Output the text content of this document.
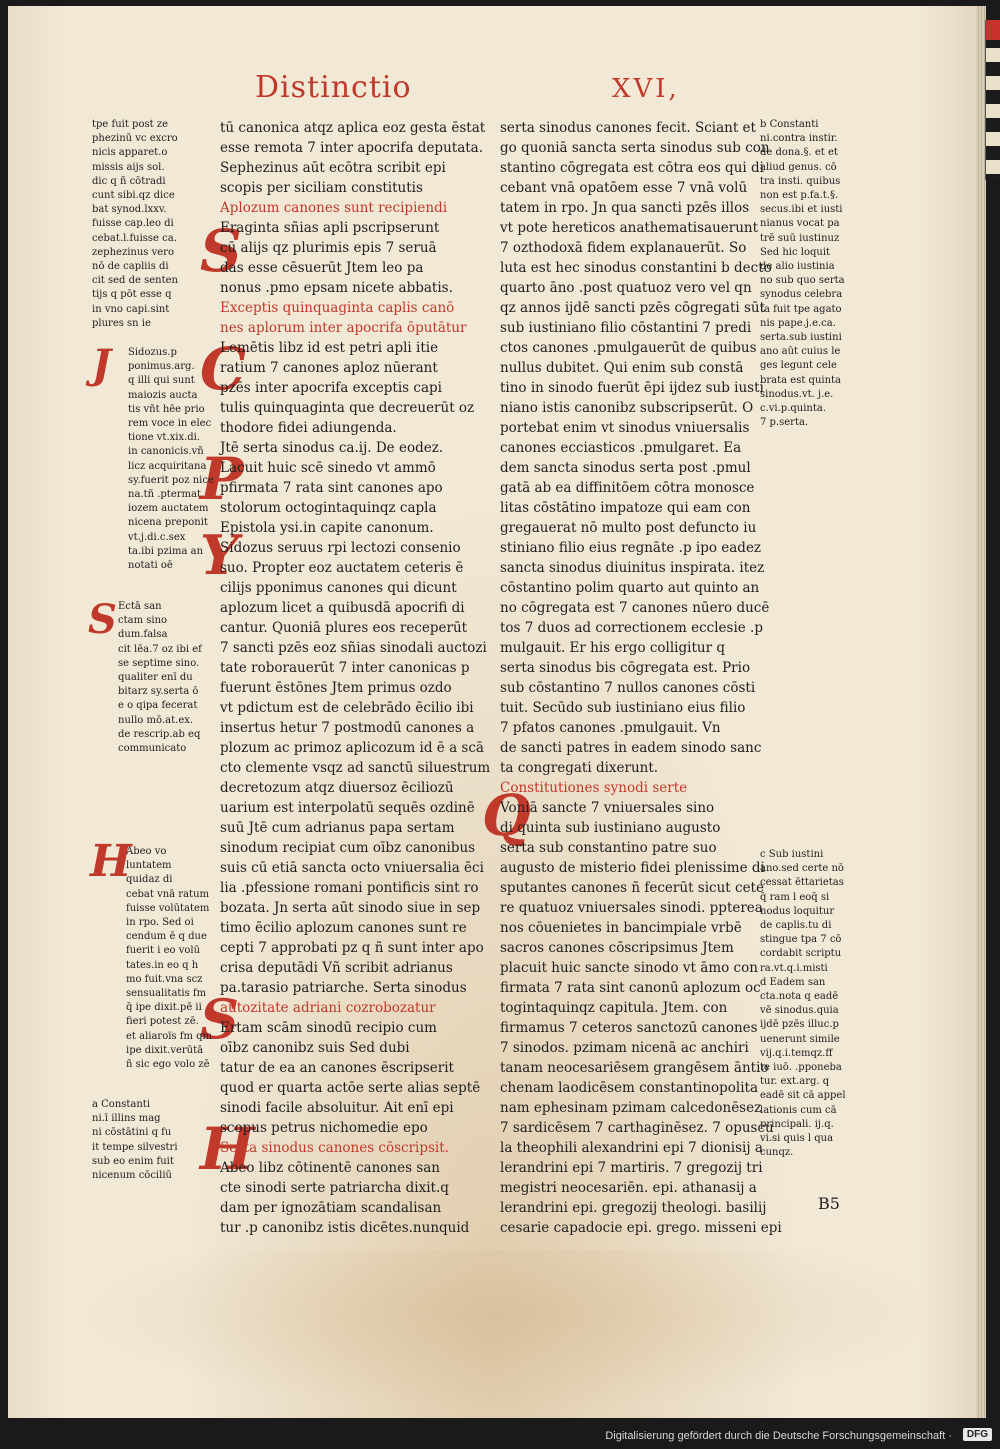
Distinctio	XVI,
S
C
P
Y
S
Q
H
J
S
H
tpe fuit post ze
phezinū vc excro
nicis apparet.o
missis aijs sol.
dic q ñ cōtradi
cunt sibi.qz dice
bat synod.lxxv.
fuisse cap.leo di
cebat.l.fuisse ca.
zephezinus vero
nō de capliis di
cit sed de senten
tijs q pōt esse q
in vno capi.sint
plures sn ie
Sidozus.p
ponimus.arg.
q illi qui sunt
maiozis aucta
tis vñt hēe prio
rem voce in elec
tione vt.xix.di.
in canonicis.vñ
licz acquiritana
sy.fuerit poz nice
na.tñ .ptermat
iozem auctatem
nicena preponit
vt.j.di.c.sex
ta.ibi pzima an
notati oē
Ectā san
ctam sino
dum.falsa
cit lēa.7 oz ibi ef
se septime sino.
qualiter enī du
bitarz sy.serta ō
e o qipa fecerat
nullo mō.at.ex.
de rescrip.ab eq
communicato
Abeo vo
luntatem
quidaz di
cebat vnā ratum
fuisse volūtatem
in rpo. Sed oi
cendum ē q due
fuerit i eo volū
tates.in eo q h
mo fuit.vna scz
sensualitatis fm
q̄ ipe dixit.pē ii
fieri potest zē.
et aliaroïs fm qm
ipe dixit.verūtā
ñ sic ego volo zē
a Constanti
ni.ī illins mag
ni cōstātini q fu
it tempe silvestri
sub eo enim fuit
nicenum cōciliū
tū canonica atqz aplica eoz gesta ēstat
esse remota 7 inter apocrifa deputata.
Sephezinus aūt ecōtra scribit epi
scopis per siciliam constitutis
Aplozum canones sunt recipiendi
Eraginta sñias apli pscripserunt
cū alijs qz plurimis epis 7 seruā
das esse cēsuerūt Jtem leo pa
nonus .pmo epsam nicete abbatis.
Exceptis quinquaginta caplis canō
nes aplorum inter apocrifa ōputātur
Lemētis libz id est petri apli itie
ratium 7 canones aploz nūerant
pzēs inter apocrifa exceptis capi
tulis quinquaginta que decreuerūt oz
thodore fidei adiungenda.
Jtē serta sinodus ca.ij. De eodez.
Lacuit huic scē sinedo vt ammō
pfirmata 7 rata sint canones apo
stolorum octogintaquinqz capla
Epistola ysi.in capite canonum.
Sidozus seruus rpi lectozi consenio
suo. Propter eoz auctatem ceteris ē
cilijs pponimus canones qui dicunt
aplozum licet a quibusdā apocrifi di
cantur. Quoniā plures eos receperūt
7 sancti pzēs eoz sñias sinodali auctozi
tate roborauerūt 7 inter canonicas p
fuerunt ēstōnes Jtem primus ozdo
vt pdictum est de celebrādo ēcilio ibi
insertus hetur 7 postmodū canones a
plozum ac primoz aplicozum id ē a scā
cto clemente vsqz ad sanctū siluestrum
decretozum atqz diuersoz ēciliozū
uarium est interpolatū sequēs ozdinē
suū Jtē cum adrianus papa sertam
sinodum recipiat cum oībz canonibus
suis cū etiā sancta octo vniuersalia ēci
lia .pfessione romani pontificis sint ro
bozata. Jn serta aūt sinodo siue in sep
timo ēcilio aplozum canones sunt re
cepti 7 approbati pz q ñ sunt inter apo
crisa deputādi Vñ scribit adrianus
pa.tarasio patriarche. Serta sinodus
autozitate adriani cozrobozatur
Ertam scām sinodū recipio cum
oībz canonibz suis Sed dubi
tatur de ea an canones ēscripserit
quod er quarta actōe serte alias septē
sinodi facile absoluitur. Ait enī epi
scopus petrus nichomedie epo
Serta sinodus canones cōscripsit.
Abeo libz cōtinentē canones san
cte sinodi serte patriarcha dixit.q
dam per ignozātiam scandalisan
tur .p canonibz istis dicētes.nunquid
serta sinodus canones fecit. Sciant et
go quoniā sancta serta sinodus sub con
stantino cōgregata est cōtra eos qui di
cebant vnā opatōem esse 7 vnā volū
tatem in rpo. Jn qua sancti pzēs illos
vt pote hereticos anathematisauerunt
7 ozthodoxā fidem explanauerūt. So
luta est hec sinodus constantini b decto
quarto āno .post quatuoz vero vel qn
qz annos ijdē sancti pzēs cōgregati sūt
sub iustiniano filio cōstantini 7 predi
ctos canones .pmulgauerūt de quibus
nullus dubitet. Qui enim sub constā
tino in sinodo fuerūt ēpi ijdez sub iusti
niano istis canonibz subscripserūt. O
portebat enim vt sinodus vniuersalis
canones ecciasticos .pmulgaret. Ea
dem sancta sinodus serta post .pmul
gatā ab ea diffinitōem cōtra monosce
litas cōstātino impatoze qui eam con
gregauerat nō multo post defuncto iu
stiniano filio eius regnāte .p ipo eadez
sancta sinodus diuinitus inspirata. itez
cōstantino polim quarto aut quinto an
no cōgregata est 7 canones nūero ducē
tos 7 duos ad correctionem ecclesie .p
mulgauit. Er his ergo colligitur q
serta sinodus bis cōgregata est. Prio
sub cōstantino 7 nullos canones cōsti
tuit. Secūdo sub iustiniano eius filio
7 pfatos canones .pmulgauit. Vn
de sancti patres in eadem sinodo sanc
ta congregati dixerunt.
Constitutiones synodi serte
Voniā sancte 7 vniuersales sino
di quinta sub iustiniano augusto
serta sub constantino patre suo
augusto de misterio fidei plenissime di
sputantes canones ñ fecerūt sicut cete
re quatuoz vniuersales sinodi. ppterea
nos cōuenietes in bancimpiale vrbē
sacros canones cōscripsimus Jtem
placuit huic sancte sinodo vt āmo con
firmata 7 rata sint canonū aplozum oc
togintaquinqz capitula. Jtem. con
firmamus 7 ceteros sanctozū canones
7 sinodos. pzimam nicenā ac anchiri
tanam neocesariēsem grangēsem āntio
chenam laodicēsem constantinopolita
nam ephesinam pzimam calcedonēsez
7 sardicēsem 7 carthaginēsez. 7 opuscu
la theophili alexandrini epi 7 dionisij a
lerandrini epi 7 martiris. 7 gregozij tri
megistri neocesariēn. epi. athanasij a
lerandrini epi. gregozij theologi. basilij
cesarie capadocie epi. grego. misseni epi
b Constanti
ni.contra instir.
de dona.§. et et
aliud genus. cō
tra insti. quibus
non est p.fa.t.§.
secus.ibi et iusti
nianus vocat pa
trē suū iustinuz
Sed hic loquit
de alio iustinia
no sub quo serta
synodus celebra
ta fuit tpe agato
nis pape.j.e.ca.
serta.sub iustini
ano aūt cuius le
ges legunt cele
brata est quinta
sinodus.vt. j.e.
c.vi.p.quinta.
7 p.serta.
c Sub iustini
ano.sed certe nō
cessat ēttarietas
q̄ ram l eoq̄ si
nodus loquitur
de caplis.tu di
stingue tpa 7 cō
cordabit scriptu
ra.vt.q.i.misti
d Eadem san
cta.nota q eadē
vē sinodus.quia
ijdē pzēs illuc.p
uenerunt simile
vij.q.i.temqz.ff
te iuō. .pponeba
tur. ext.arg. q
eadē sit cā appel
lationis cum cā
principali. ij.q.
vi.si quis l qua
cunqz.
B5
Digitalisierung gefördert durch die Deutsche Forschungsgemeinschaft ·	DFG
